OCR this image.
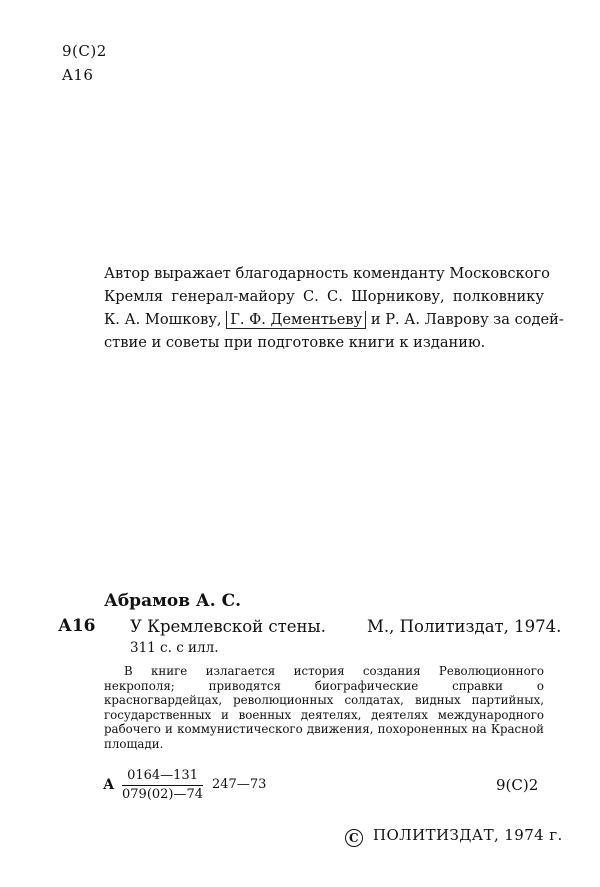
9(C)2
A16
Автор выражает благодарность коменданту Московского
Кремля генерал-майору С. С. Шорникову, полковнику
К. А. Мошкову, Г. Ф. Дементьеву и Р. А. Лаврову за содей-
ствие и советы при подготовке книги к изданию.
Абрамов А. С.
А16 У Кремлевской стены. М., Политиздат, 1974.
311 с. с илл.
В книге излагается история создания Революционного некрополя; приводятся биографические справки о красногвардейцах, революционных солдатах, видных партийных, государственных и военных деятелях, деятелях международного рабочего и коммунистического движения, похороненных на Красной площади.
А $\frac{0164—131}{079(02)—74}$ 247—73	9(С)2
C ПОЛИТИЗДАТ, 1974 г.
